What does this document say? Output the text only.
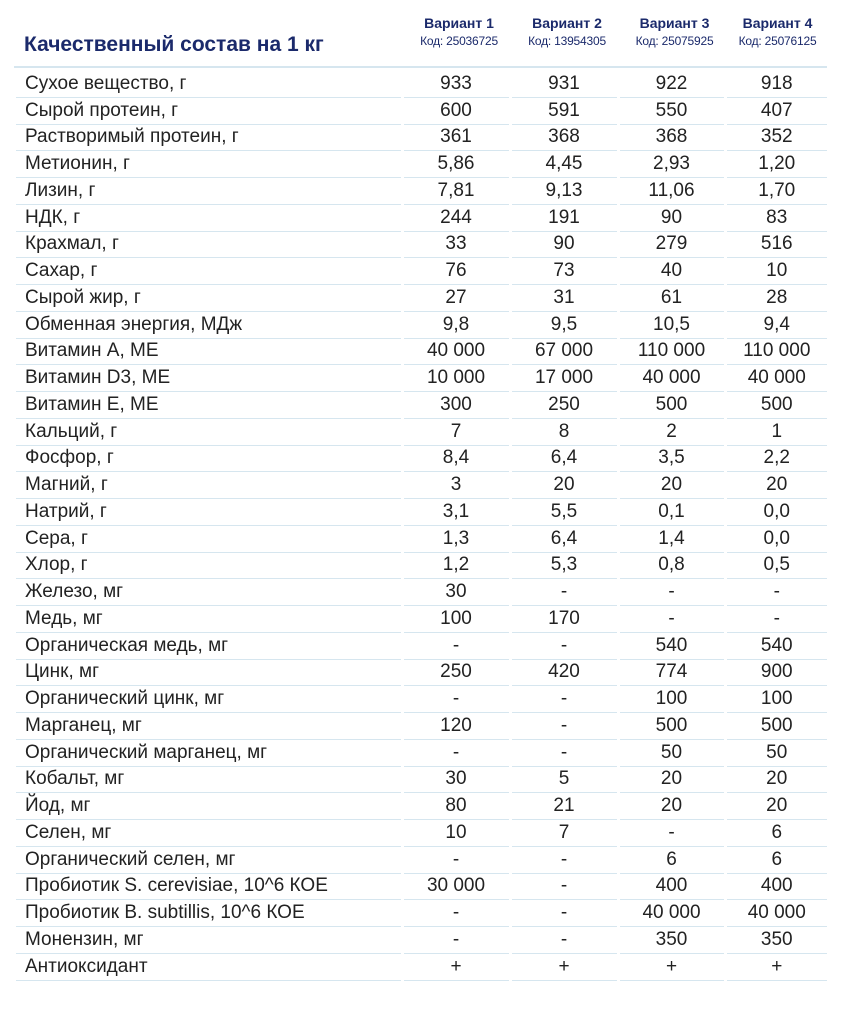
Качественный состав на 1 кг
Вариант 1
Код: 25036725
Вариант 2
Код: 13954305
Вариант 3
Код: 25075925
Вариант 4
Код: 25076125
Сухое вещество, г	933	931	922	918
Сырой протеин, г	600	591	550	407
Растворимый протеин, г	361	368	368	352
Метионин, г	5,86	4,45	2,93	1,20
Лизин, г	7,81	9,13	11,06	1,70
НДК, г	244	191	90	83
Крахмал, г	33	90	279	516
Сахар, г	76	73	40	10
Сырой жир, г	27	31	61	28
Обменная энергия, МДж	9,8	9,5	10,5	9,4
Витамин А, МЕ	40 000	67 000	110 000	110 000
Витамин D3, МЕ	10 000	17 000	40 000	40 000
Витамин Е, МЕ	300	250	500	500
Кальций, г	7	8	2	1
Фосфор, г	8,4	6,4	3,5	2,2
Магний, г	3	20	20	20
Натрий, г	3,1	5,5	0,1	0,0
Сера, г	1,3	6,4	1,4	0,0
Хлор, г	1,2	5,3	0,8	0,5
Железо, мг	30	-	-	-
Медь, мг	100	170	-	-
Органическая медь, мг	-	-	540	540
Цинк, мг	250	420	774	900
Органический цинк, мг	-	-	100	100
Марганец, мг	120	-	500	500
Органический марганец, мг	-	-	50	50
Кобальт, мг	30	5	20	20
Йод, мг	80	21	20	20
Селен, мг	10	7	-	6
Органический селен, мг	-	-	6	6
Пробиотик S. cerevisiae, 10^6 КОЕ	30 000	-	400	400
Пробиотик B. subtillis, 10^6 КОЕ	-	-	40 000	40 000
Монензин, мг	-	-	350	350
Антиоксидант	+	+	+	+
